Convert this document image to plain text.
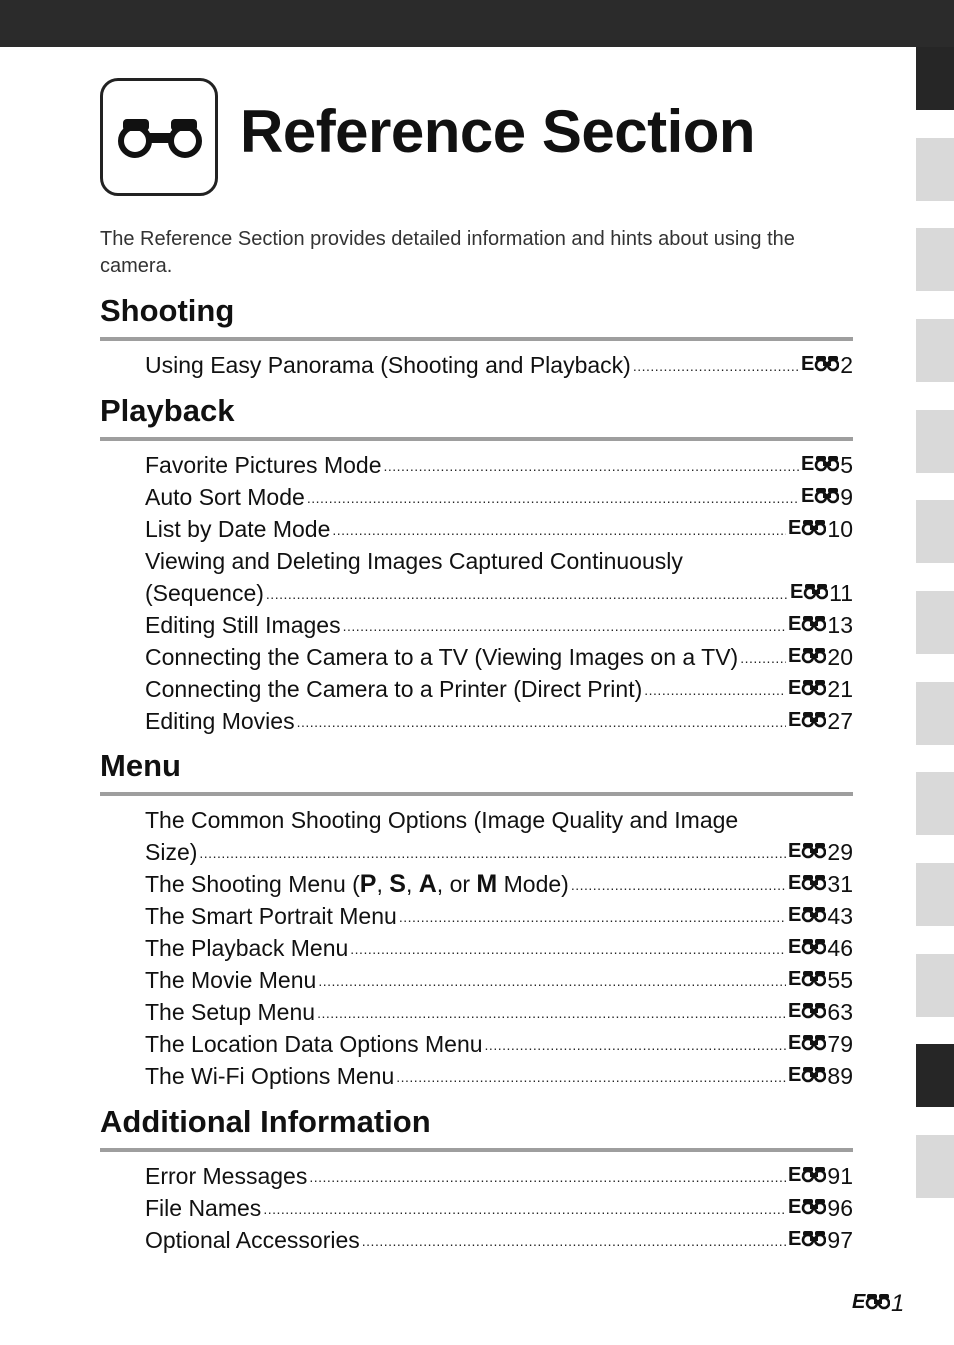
Reference Section

The Reference Section provides detailed information and hints about using the camera.

Shooting
Using Easy Panorama (Shooting and Playback) .....	E 2
Playback
Favorite Pictures Mode .....	E 5
Auto Sort Mode .....	E 9
List by Date Mode .....	E 10
Viewing and Deleting Images Captured Continuously
(Sequence) .....	E 11
Editing Still Images .....	E 13
Connecting the Camera to a TV (Viewing Images on a TV) .....	E 20
Connecting the Camera to a Printer (Direct Print) .....	E 21
Editing Movies .....	E 27
Menu
The Common Shooting Options (Image Quality and Image
Size) .....	E 29
The Shooting Menu (P, S, A, or M Mode) .....	E 31
The Smart Portrait Menu .....	E 43
The Playback Menu .....	E 46
The Movie Menu .....	E 55
The Setup Menu .....	E 63
The Location Data Options Menu .....	E 79
The Wi-Fi Options Menu .....	E 89
Additional Information
Error Messages .....	E 91
File Names .....	E 96
Optional Accessories .....	E 97
E 1
